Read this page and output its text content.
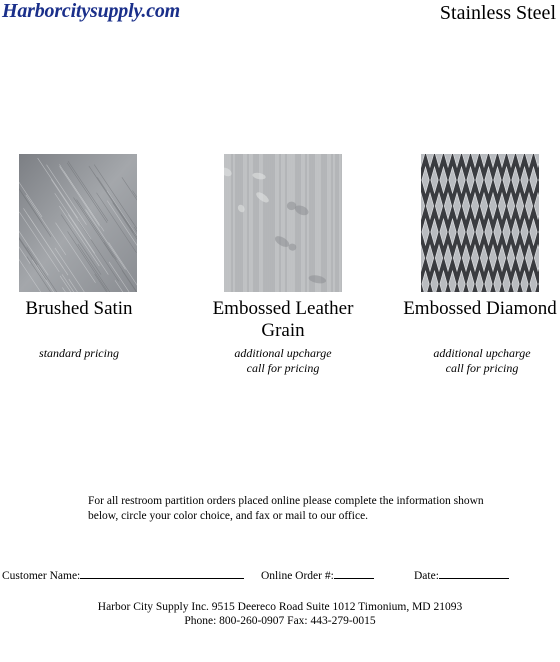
Harborcitysupply.com	Stainless Steel
Brushed Satin	Embossed Leather
Grain
Embossed Diamond
standard pricing	additional upcharge
call for pricing
additional upcharge
call for pricing
For all restroom partition orders placed online please complete the information shown
below, circle your color choice, and fax or mail to our office.
Customer Name:	Online Order #:	Date:
Harbor City Supply Inc. 9515 Deereco Road Suite 1012 Timonium, MD 21093
Phone: 800-260-0907 Fax: 443-279-0015
